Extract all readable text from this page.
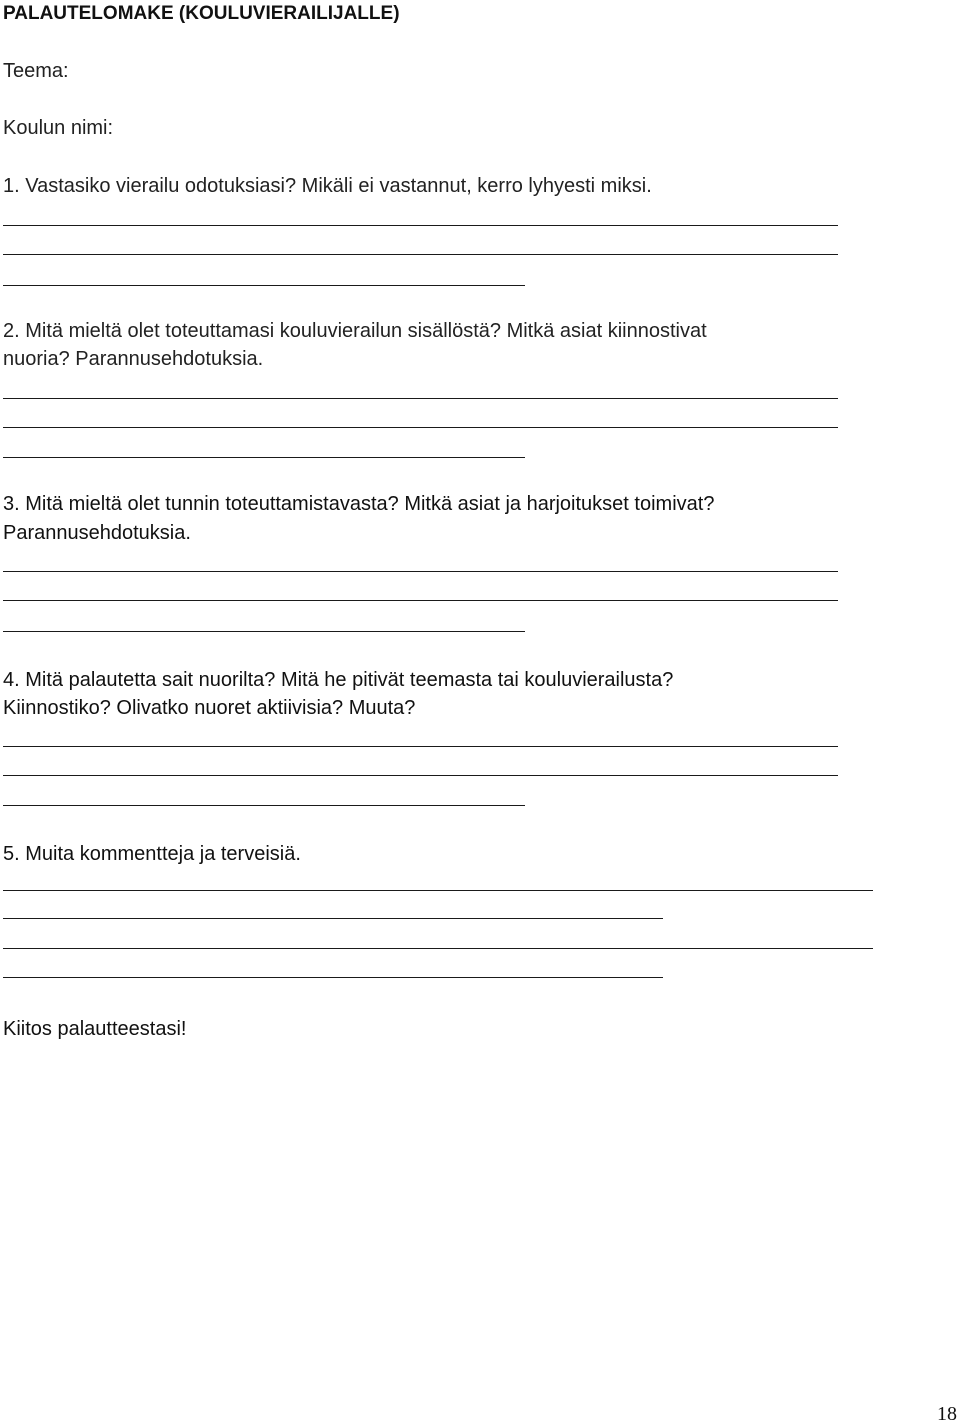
PALAUTELOMAKE (KOULUVIERAILIJALLE)
Teema:
Koulun nimi:
1. Vastasiko vierailu odotuksiasi? Mikäli ei vastannut, kerro lyhyesti miksi.
2. Mitä mieltä olet toteuttamasi kouluvierailun sisällöstä? Mitkä asiat kiinnostivat
nuoria? Parannusehdotuksia.
3. Mitä mieltä olet tunnin toteuttamistavasta? Mitkä asiat ja harjoitukset toimivat?
Parannusehdotuksia.
4. Mitä palautetta sait nuorilta? Mitä he pitivät teemasta tai kouluvierailusta?
Kiinnostiko? Olivatko nuoret aktiivisia? Muuta?
5. Muita kommentteja ja terveisiä.
Kiitos palautteestasi!
18
